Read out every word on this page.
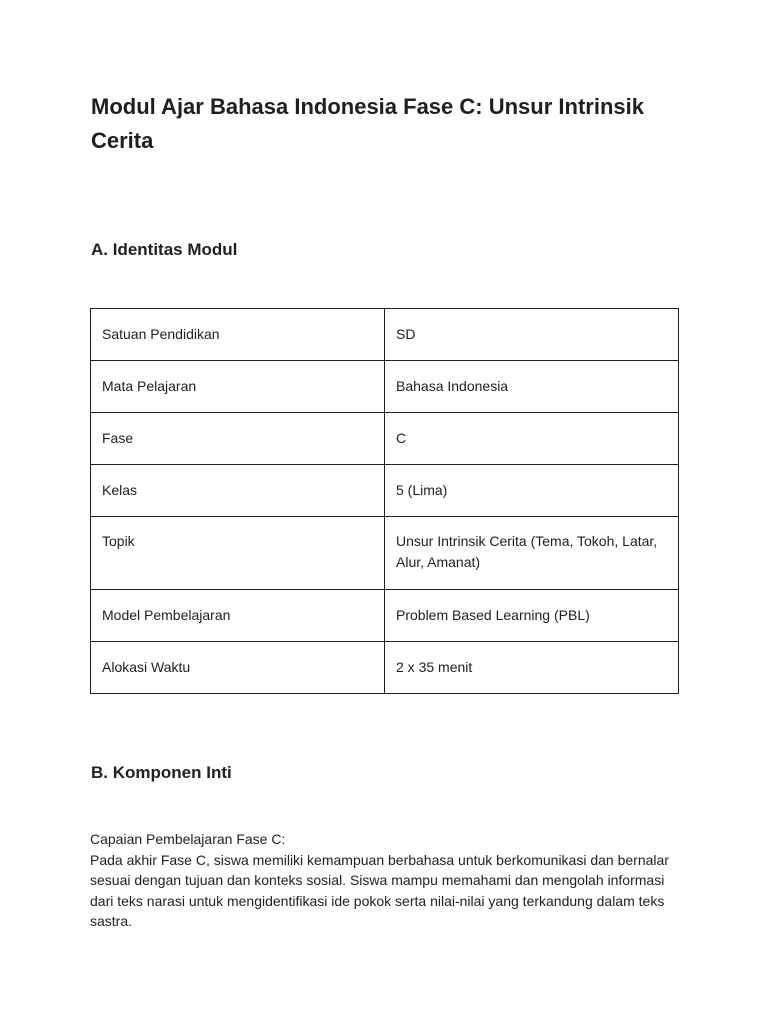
Modul Ajar Bahasa Indonesia Fase C: Unsur Intrinsik
Cerita
A. Identitas Modul
Satuan Pendidikan	SD
Mata Pelajaran	Bahasa Indonesia
Fase	C
Kelas	5 (Lima)
Topik	Unsur Intrinsik Cerita (Tema, Tokoh, Latar,
Alur, Amanat)
Model Pembelajaran	Problem Based Learning (PBL)
Alokasi Waktu	2 x 35 menit
B. Komponen Inti

Capaian Pembelajaran Fase C:
Pada akhir Fase C, siswa memiliki kemampuan berbahasa untuk berkomunikasi dan bernalar
sesuai dengan tujuan dan konteks sosial. Siswa mampu memahami dan mengolah informasi
dari teks narasi untuk mengidentifikasi ide pokok serta nilai-nilai yang terkandung dalam teks
sastra.
